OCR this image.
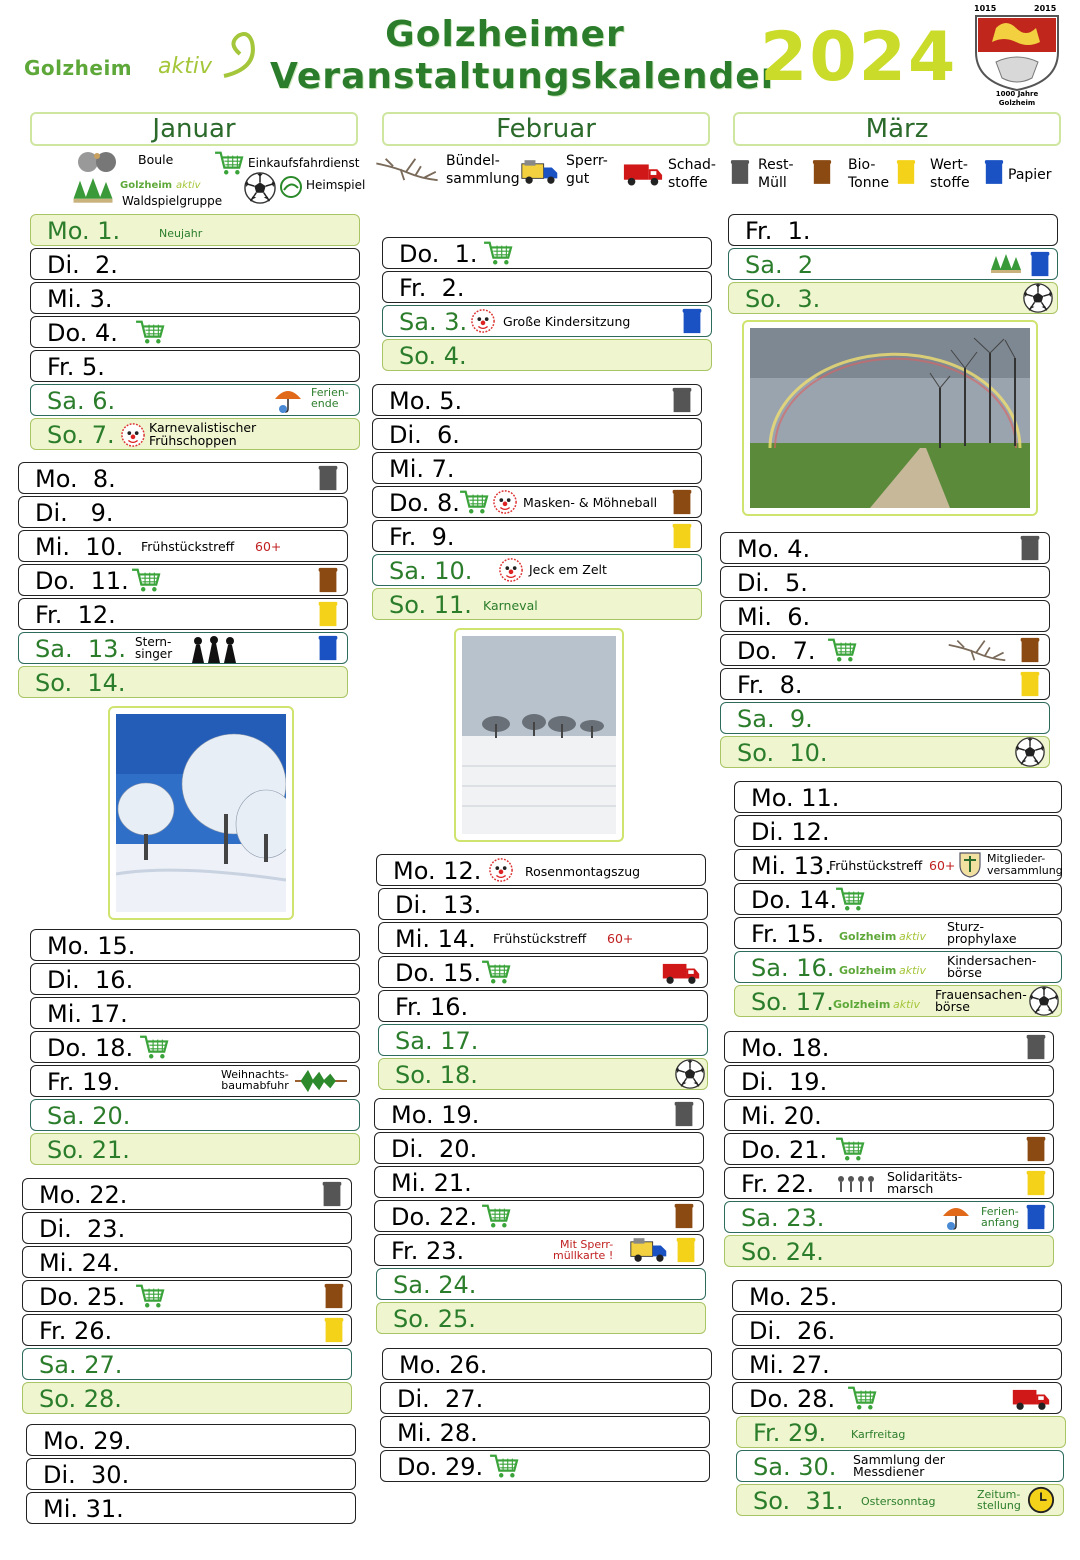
Golzheim aktiv
Golzheimer
Veranstaltungskalender
2024
1015	2015
1000 Jahre
Golzheim
Januar	Februar	März
Boule	Einkaufsfahrdienst
Golzheim aktiv
Waldspielgruppe
Heimspiel
Bündel-
sammlung
Sperr-
gut
Schad-
stoffe
Rest-
Müll
Bio-
Tonne
Wert-
stoffe	Papier
Mo. 1.	Neujahr
Di.  2.
Mi. 3.
Do. 4.
Fr. 5.
Sa. 6.	Ferien-
ende
So. 7.	Karnevalistischer
Frühschoppen
Mo.  8.
Di.   9.
Mi.  10. Frühstückstreff 60+
Do.  11.
Fr.  12.
Sa.  13. Stern-
singer
So.  14.
Mo. 15.
Di.  16.
Mi. 17.
Do. 18.
Fr. 19.	Weihnachts-
baumabfuhr
Sa. 20.
So. 21.
Mo. 22.
Di.  23.
Mi. 24.
Do. 25.
Fr. 26.
Sa. 27.
So. 28.
Mo. 29.
Di.  30.
Mi. 31.
Do.  1.
Fr.  2.
Sa. 3.	Große Kindersitzung
So. 4.
Mo. 5.
Di.  6.
Mi. 7.
Do. 8.	Masken- & Möhneball
Fr.  9.
Sa. 10.	Jeck em Zelt
So. 11. Karneval
Mo. 12.	Rosenmontagszug
Di.  13.
Mi. 14. Frühstückstreff 60+
Do. 15.
Fr. 16.
Sa. 17.
So. 18.
Mo. 19.
Di.  20.
Mi. 21.
Do. 22.
Fr. 23.	Mit Sperr-
müllkarte !
Sa. 24.
So. 25.
Mo. 26.
Di.  27.
Mi. 28.
Do. 29.
Fr.  1.
Sa.  2
So.  3.
Mo. 4.
Di.  5.
Mi.  6.
Do.  7.
Fr.  8.
Sa.  9.
So.  10.
Mo. 11.
Di. 12.
Mi. 13.
Frühstückstreff 60+	Mitglieder-
versammlung
Do. 14.
Fr. 15. Golzheim aktiv
Sturz-
prophylaxe
Sa. 16. Golzheim aktiv
Kindersachen-
börse
So. 17. Golzheim aktiv
Frauensachen-
börse
Mo. 18.
Di.  19.
Mi. 20.
Do. 21.
Fr. 22.	Solidaritäts-
marsch
Sa. 23.	Ferien-
anfang
So. 24.
Mo. 25.
Di.  26.
Mi. 27.
Do. 28.
Fr. 29. Karfreitag
Sa. 30. Sammlung der
Messdiener
So.  31. Ostersonntag
Zeitum-
stellung
